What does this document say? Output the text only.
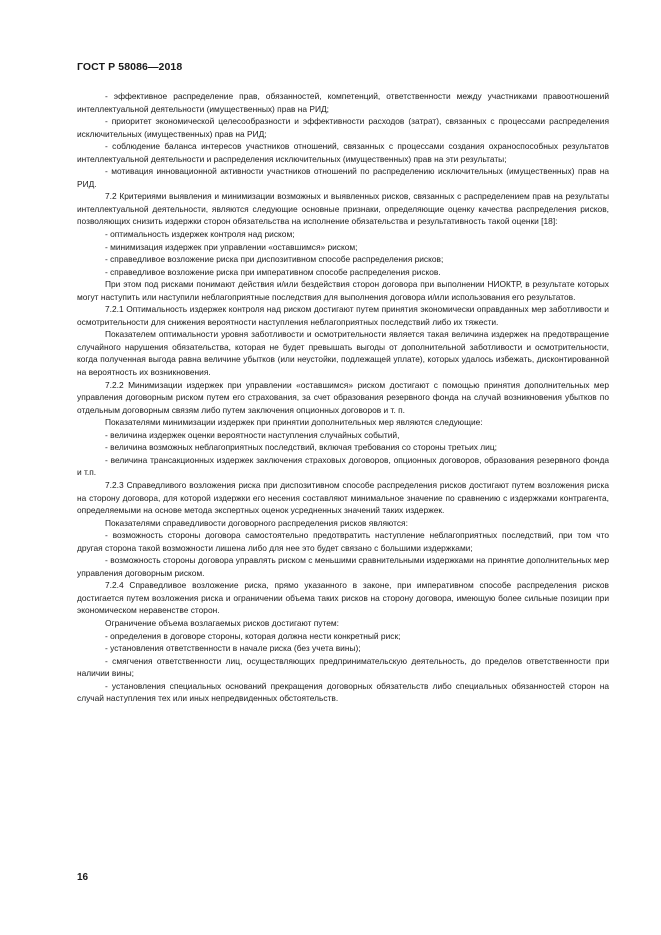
ГОСТ Р 58086—2018

- эффективное распределение прав, обязанностей, компетенций, ответственности между участниками правоотношений интеллектуальной деятельности (имущественных) прав на РИД;

- приоритет экономической целесообразности и эффективности расходов (затрат), связанных с процессами распределения исключительных (имущественных) прав на РИД;

- соблюдение баланса интересов участников отношений, связанных с процессами создания охраноспособных результатов интеллектуальной деятельности и распределения исключительных (имущественных) прав на эти результаты;

- мотивация инновационной активности участников отношений по распределению исключительных (имущественных) прав на РИД.

7.2 Критериями выявления и минимизации возможных и выявленных рисков, связанных с распределением прав на результаты интеллектуальной деятельности, являются следующие основные признаки, определяющие оценку качества распределения рисков, позволяющих снизить издержки сторон обязательства на исполнение обязательства и результативность такой оценки [18]:

- оптимальность издержек контроля над риском;

- минимизация издержек при управлении «оставшимся» риском;

- справедливое возложение риска при диспозитивном способе распределения рисков;

- справедливое возложение риска при императивном способе распределения рисков.

При этом под рисками понимают действия и/или бездействия сторон договора при выполнении НИОКТР, в результате которых могут наступить или наступили неблагоприятные последствия для выполнения договора и/или использования его результатов.

7.2.1 Оптимальность издержек контроля над риском достигают путем принятия экономически оправданных мер заботливости и осмотрительности для снижения вероятности наступления неблагоприятных последствий либо их тяжести.

Показателем оптимальности уровня заботливости и осмотрительности является такая величина издержек на предотвращение случайного нарушения обязательства, которая не будет превышать выгоды от дополнительной заботливости и осмотрительности, когда полученная выгода равна величине убытков (или неустойки, подлежащей уплате), которых удалось избежать, дисконтированной на вероятность их возникновения.

7.2.2 Минимизации издержек при управлении «оставшимся» риском достигают с помощью принятия дополнительных мер управления договорным риском путем его страхования, за счет образования резервного фонда на случай возникновения убытков по отдельным договорным связям либо путем заключения опционных договоров и т. п.

Показателями минимизации издержек при принятии дополнительных мер являются следующие:

- величина издержек оценки вероятности наступления случайных событий,

- величина возможных неблагоприятных последствий, включая требования со стороны третьих лиц;

- величина трансакционных издержек заключения страховых договоров, опционных договоров, образования резервного фонда и т.п.

7.2.3 Справедливого возложения риска при диспозитивном способе распределения рисков достигают путем возложения риска на сторону договора, для которой издержки его несения составляют минимальное значение по сравнению с издержками контрагента, определяемыми на основе метода экспертных оценок усредненных значений таких издержек.

Показателями справедливости договорного распределения рисков являются:

- возможность стороны договора самостоятельно предотвратить наступление неблагоприятных последствий, при том что другая сторона такой возможности лишена либо для нее это будет связано с большими издержками;

- возможность стороны договора управлять риском с меньшими сравнительными издержками на принятие дополнительных мер управления договорным риском.

7.2.4 Справедливое возложение риска, прямо указанного в законе, при императивном способе распределения рисков достигается путем возложения риска и ограничении объема таких рисков на сторону договора, имеющую более сильные позиции при экономическом неравенстве сторон.

Ограничение объема возлагаемых рисков достигают путем:

- определения в договоре стороны, которая должна нести конкретный риск;

- установления ответственности в начале риска (без учета вины);

- смягчения ответственности лиц, осуществляющих предпринимательскую деятельность, до пределов ответственности при наличии вины;

- установления специальных оснований прекращения договорных обязательств либо специальных обязанностей сторон на случай наступления тех или иных непредвиденных обстоятельств.

16
